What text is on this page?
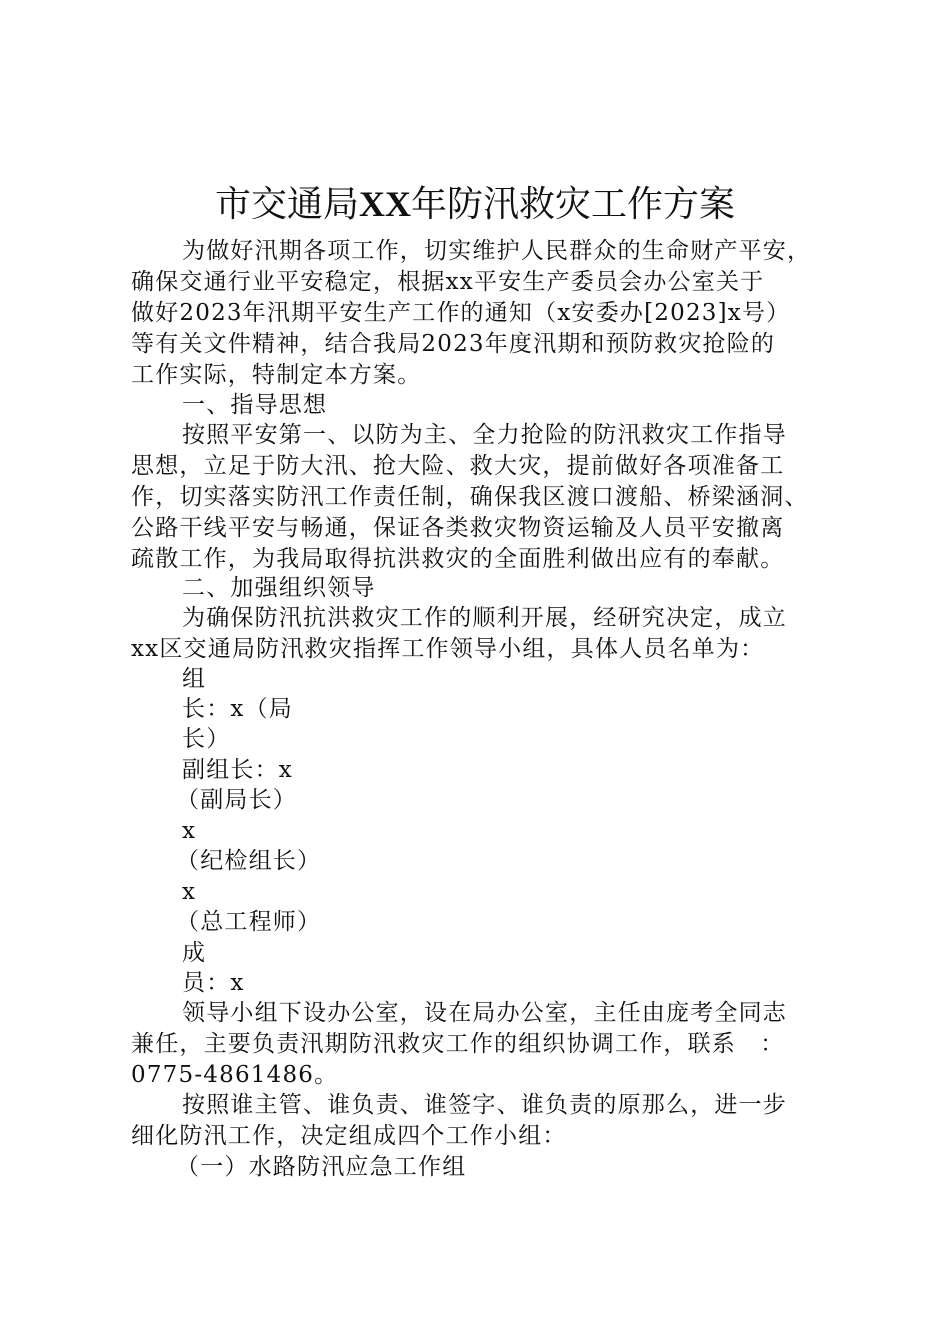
市交通局XX年防汛救灾工作方案
为做好汛期各项工作，切实维护人民群众的生命财产平安，
确保交通行业平安稳定，根据xx平安生产委员会办公室关于
做好2023年汛期平安生产工作的通知（x安委办[2023]x号）
等有关文件精神，结合我局2023年度汛期和预防救灾抢险的
工作实际，特制定本方案。
一、指导思想
按照平安第一、以防为主、全力抢险的防汛救灾工作指导
思想，立足于防大汛、抢大险、救大灾，提前做好各项准备工
作，切实落实防汛工作责任制，确保我区渡口渡船、桥梁涵洞、
公路干线平安与畅通，保证各类救灾物资运输及人员平安撤离
疏散工作，为我局取得抗洪救灾的全面胜利做出应有的奉献。
二、加强组织领导
为确保防汛抗洪救灾工作的顺利开展，经研究决定，成立
xx区交通局防汛救灾指挥工作领导小组，具体人员名单为：
组
长：x（局
长）
副组长：x
（副局长）
x
（纪检组长）
x
（总工程师）
成
员：x
领导小组下设办公室，设在局办公室，主任由庞考全同志
兼任，主要负责汛期防汛救灾工作的组织协调工作，联系　：
0775-4861486。
按照谁主管、谁负责、谁签字、谁负责的原那么，进一步
细化防汛工作，决定组成四个工作小组：
（一）水路防汛应急工作组
